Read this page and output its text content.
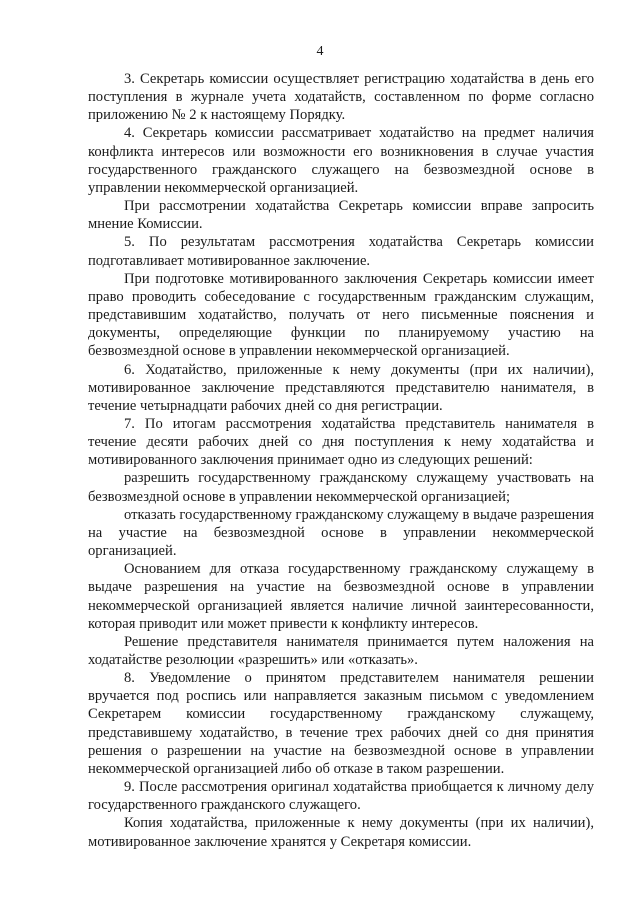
4

3. Секретарь комиссии осуществляет регистрацию ходатайства в день его поступления в журнале учета ходатайств, составленном по форме согласно приложению № 2 к настоящему Порядку.

4. Секретарь комиссии рассматривает ходатайство на предмет наличия конфликта интересов или возможности его возникновения в случае участия государственного гражданского служащего на безвозмездной основе в управлении некоммерческой организацией.

При рассмотрении ходатайства Секретарь комиссии вправе запросить мнение Комиссии.

5. По результатам рассмотрения ходатайства Секретарь комиссии подготавливает мотивированное заключение.

При подготовке мотивированного заключения Секретарь комиссии имеет право проводить собеседование с государственным гражданским служащим, представившим ходатайство, получать от него письменные пояснения и документы, определяющие функции по планируемому участию на безвозмездной основе в управлении некоммерческой организацией.

6. Ходатайство, приложенные к нему документы (при их наличии), мотивированное заключение представляются представителю нанимателя, в течение четырнадцати рабочих дней со дня регистрации.

7. По итогам рассмотрения ходатайства представитель нанимателя в течение десяти рабочих дней со дня поступления к нему ходатайства и мотивированного заключения принимает одно из следующих решений:

разрешить государственному гражданскому служащему участвовать на безвозмездной основе в управлении некоммерческой организацией;

отказать государственному гражданскому служащему в выдаче разрешения на участие на безвозмездной основе в управлении некоммерческой организацией.

Основанием для отказа государственному гражданскому служащему в выдаче разрешения на участие на безвозмездной основе в управлении некоммерческой организацией является наличие личной заинтересованности, которая приводит или может привести к конфликту интересов.

Решение представителя нанимателя принимается путем наложения на ходатайстве резолюции «разрешить» или «отказать».

8. Уведомление о принятом представителем нанимателя решении вручается под роспись или направляется заказным письмом с уведомлением Секретарем комиссии государственному гражданскому служащему, представившему ходатайство, в течение трех рабочих дней со дня принятия решения о разрешении на участие на безвозмездной основе в управлении некоммерческой организацией либо об отказе в таком разрешении.

9. После рассмотрения оригинал ходатайства приобщается к личному делу государственного гражданского служащего.

Копия ходатайства, приложенные к нему документы (при их наличии), мотивированное заключение хранятся у Секретаря комиссии.
